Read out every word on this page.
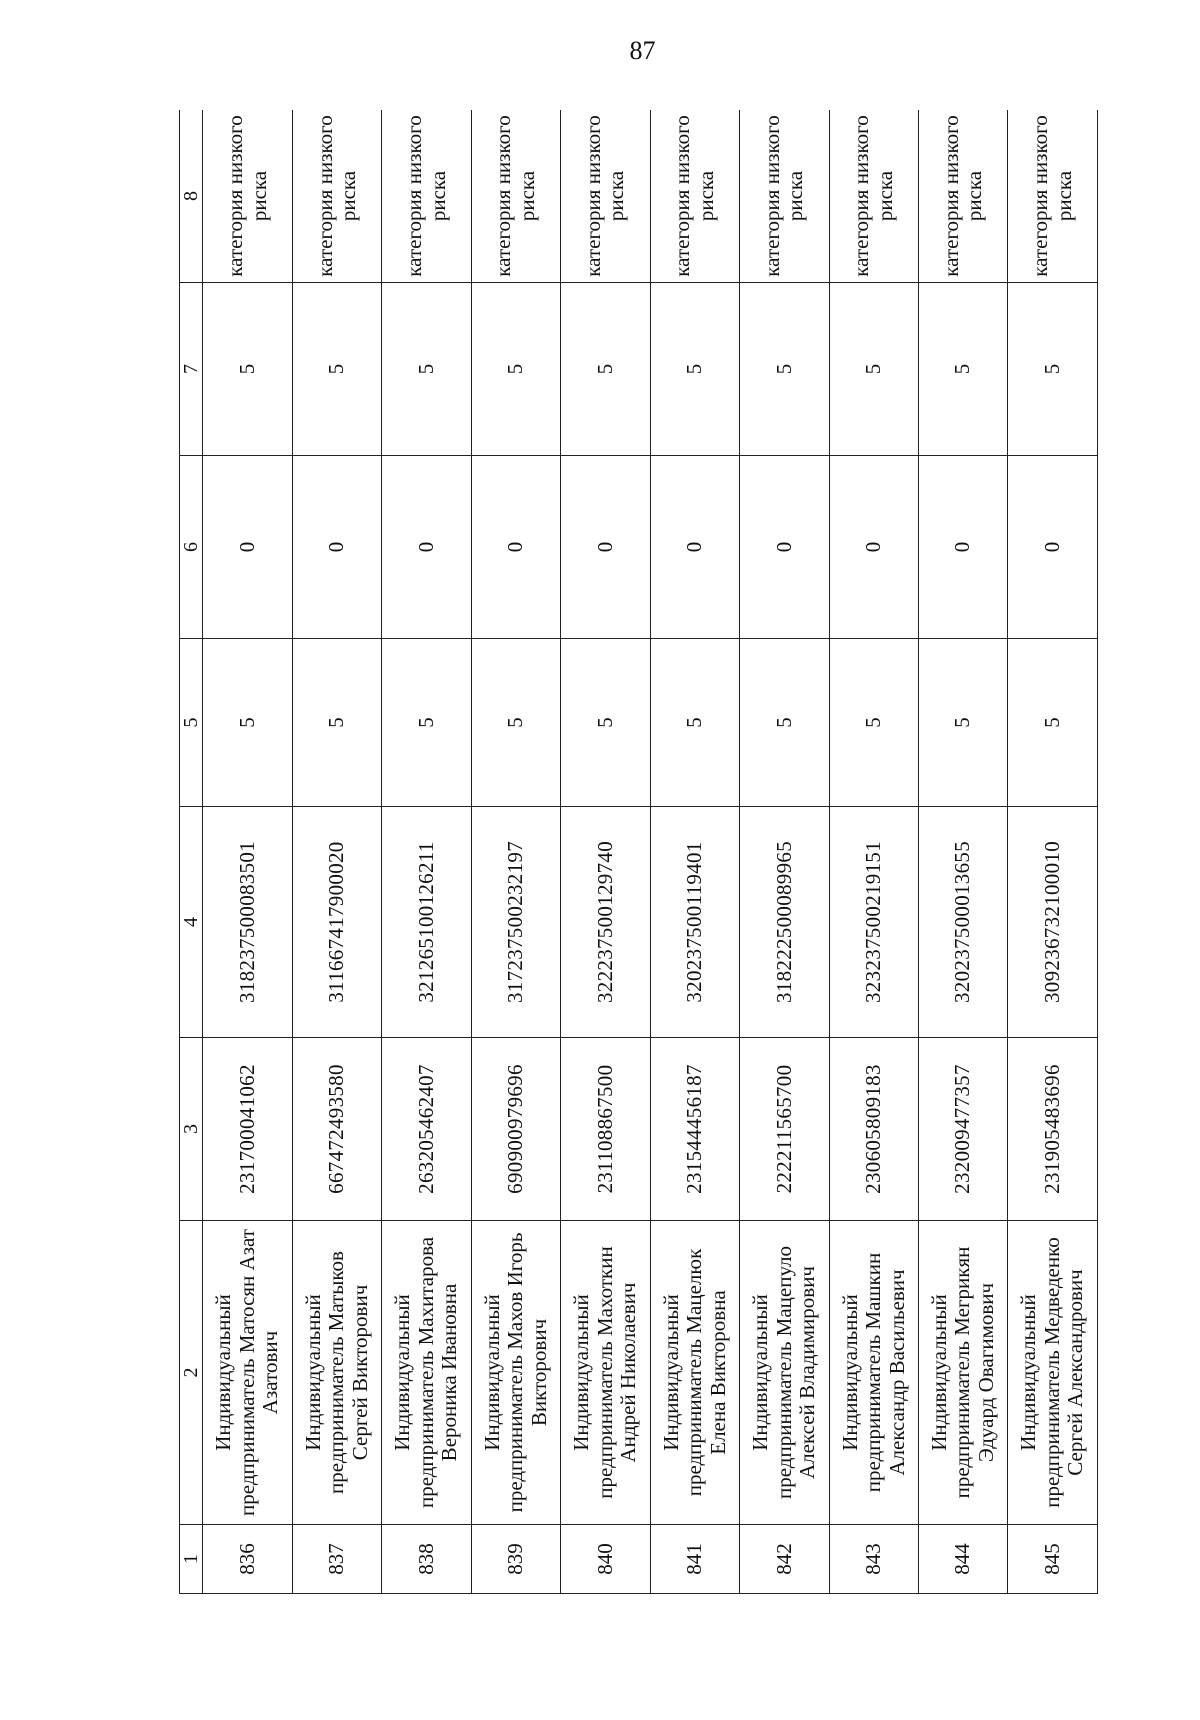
87
1	2	3	4	5	6	7	8
836	Индивидуальный предприниматель Матосян Азат Азатович	231700041062	318237500083501	5	0	5	категория низкого риска
837	Индивидуальный предприниматель Матыков Сергей Викторович	667472493580	311667417900020	5	0	5	категория низкого риска
838	Индивидуальный предприниматель Махитарова Вероника Ивановна	263205462407	321265100126211	5	0	5	категория низкого риска
839	Индивидуальный предприниматель Махов Игорь Викторович	690900979696	317237500232197	5	0	5	категория низкого риска
840	Индивидуальный предприниматель Махоткин Андрей Николаевич	231108867500	322237500129740	5	0	5	категория низкого риска
841	Индивидуальный предприниматель Мацелюк Елена Викторовна	231544456187	320237500119401	5	0	5	категория низкого риска
842	Индивидуальный предприниматель Мацепуло Алексей Владимирович	222211565700	318222500089965	5	0	5	категория низкого риска
843	Индивидуальный предприниматель Машкин Александр Васильевич	230605809183	323237500219151	5	0	5	категория низкого риска
844	Индивидуальный предприниматель Мегрикян Эдуард Овагимович	232009477357	320237500013655	5	0	5	категория низкого риска
845	Индивидуальный предприниматель Медведенко Сергей Александрович	231905483696	309236732100010	5	0	5	категория низкого риска
